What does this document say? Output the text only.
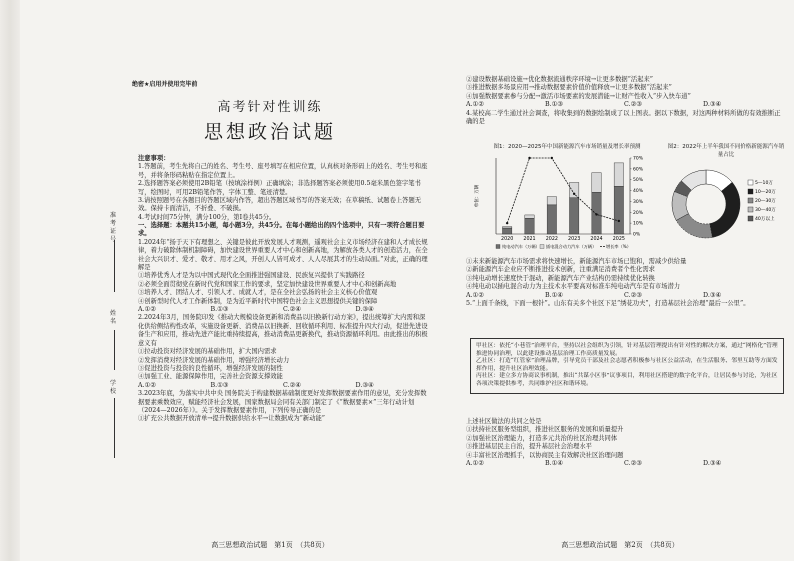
绝密★启用并使用完毕前
高考针对性训练
思想政治试题
准考证号
姓名
学校
注意事项：
1.答题前，考生先将自己的姓名、考生号、座号填写在相应位置，认真核对条形码上的姓名、考生号和座号，并将条形码粘贴在指定位置上。
2.选择题答案必须使用2B铅笔（按填涂样例）正确填涂；非选择题答案必须使用0.5毫米黑色签字笔书写，绘图时，可用2B铅笔作答，字体工整、笔迹清楚。
3.请按照题号在各题目的答题区域内作答，超出答题区域书写的答案无效；在草稿纸、试题卷上答题无效。保持卡面清洁，不折叠、不破损。
4.考试时间75分钟，满分100分，第Ⅰ卷共45分。
一、选择题：本题共15小题，每小题3分，共45分。在每小题给出的四个选项中，只有一项符合题目要求。
1.2024年“扬于天下有理想之、关键是彼此开放发展人才观测，遥观社会主义市场经济在建和人才成长规律，着力破除体制机制障碍，加快建设世界重要人才中心和创新高地，为解放各类人才的创造活力，在全社会大兴识才、爱才、敬才、用才之风，开创人人皆可成才、人人尽展其才的生动局面。”对此，正确的理解是
①培养优秀人才是为以中国式现代化全面推进强国建设、民族复兴提供了实践路径
②必须全面贯彻党在新时代党和国家工作的要求，坚定加快建设世界重要人才中心和创新高地
③培养人才、团结人才、引领人才、成就人才，是在全社会弘扬的社会主义核心价值观
④创新型时代人才工作新体制，是为近平新时代中国特色社会主义思想提供关键的保障
A.①②	B.①③	C.②④	D.③④
2.2024年3月，国务院印发《推动大规模设备更新和消费品以旧换新行动方案》，提出统筹扩大内需和深化供给侧结构性改革，实施设备更新、消费品以旧换新、回收循环利用、标准提升四大行动，促进先进设备生产和应用，推动先进产能比重持续提高，推动消费品更新换代，推动资源循环利用。由此推出的积极意义有
①拉动投资对经济发展的基础作用，扩大国内需求
②发挥消费对经济发展的基础作用，增强经济增长动力
③促进投资与投资的良性循环，增强经济发展的韧性
④加强工业、能源保障作用，完善社会资源支撑效能
A.①②	B.①③	C.②④	D.③④
3.2023年底，为落实中共中央 国务院关于构建数据基础制度更好发挥数据要素作用的意见，充分发挥数据要素乘数效应，赋能经济社会发展，国家数据局会同有关部门制定了《“数据要素×”三年行动计划（2024—2026年）》。关于发挥数据要素作用，下列传导正确的是
①扩充公共数据开放清单→提升数据供给水平→让数据成为“新动能”
高三思想政治试题　第1页　（共8页）
②建设数据基础设施→优化数据流通秩序环境→让更多数据“活起来”
③推进数据多场景应用→推动数据要素价值价值释放→让更多数据“活起来”
④加强数据要素参与分配→激活市场要素的发展潜能→让财产性收入“步入快车道”
A.①②	B.①③	C.②③	D.③④
4.某校高二学生通过社会调查，将收集到的数据绘制成了以上图表。据以下数据，对这两种材料所做的有效推断正确的是
图1：2020—2025年中国新能源汽车市场销量及增长率预测
单位：万辆
0%
10%
20%
30%
40%
50%
60%
70%
2020 2021 2022 2023 2024 2025
纯电动汽车（万辆） 插电混合动力汽车（万辆） 增长率（%）
图2：2022年上半年我国不同价格新能源汽车销量占比
5—10万
10—20万
20—30万
30—40万
40万以上
①未来新能源汽车市场需求将快速增长，新能源汽车市场已饱和，需减少供给量
②新能源汽车企业应不断推进技术创新，注重满足消费者个性化需求
③纯电动增长速度快于混动，新能源汽车产业结构仍需持续优化转换
④纯电动以插电混合动力为主技术水平要高对标准车纯电动汽车是有市场潜力
A.①②	B.①④	C.②③	D.③④
5.“上面千条线，下面一根针”。山东有关多个社区下足“绣花功夫”，打造基层社会治理“最后一公里”。
甲社区：依托“小巷管”治理平台，坚持以社会组织为引领，针对基层管理提出有针对性的解决方案，通过“网格化”管理推进协同治理，以此建设推动基层治理工作高质量发展。
乙社区：打造“红管家”治理品牌，引导党员干部及社会志愿者积极参与社区公益活动，在生活服务、邻里互助等方面发挥作用，提升社区治理效能。
丙社区：建立多方协商议事机制，推出“共谋小区事”议事项目，利用社区搭建的数字化平台，让居民参与讨论，为社区各项决策提供参考，共同维护社区和谐环境。
上述社区做法的共同之处是
①扶持社区服务型组织，推进社区服务的发展和质量提升
②加强社区治理能力，打造多元共治的社区治理共同体
③推进基层民主自治，提升基层社会治理水平
④丰富社区治理抓手，以协商民主有效解决社区治理问题
A.①②	B.①④	C.②③	D.③④
高三思想政治试题　第2页　（共8页）
